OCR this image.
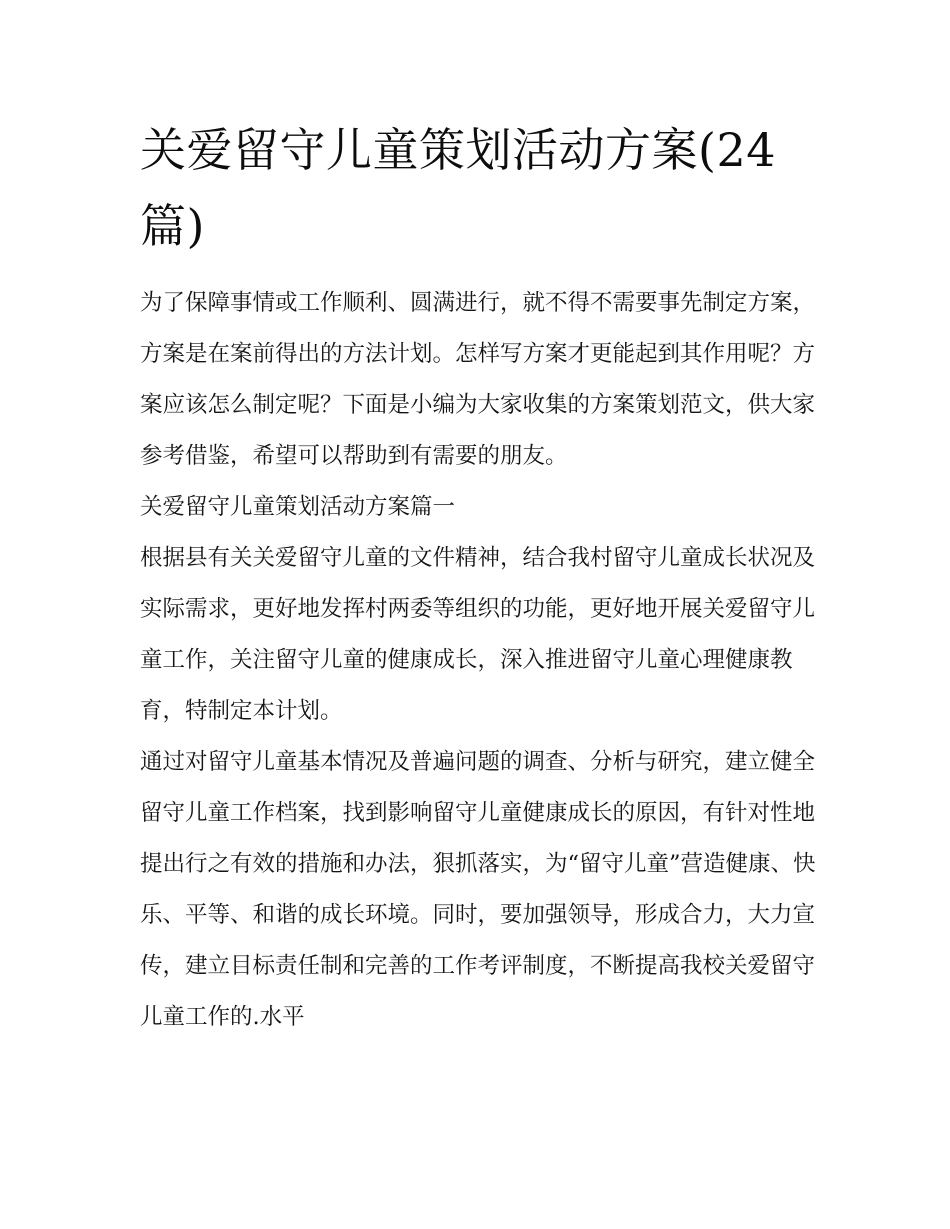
关爱留守儿童策划活动方案(24篇)

为了保障事情或工作顺利、圆满进行，就不得不需要事先制定方案，方案是在案前得出的方法计划。怎样写方案才更能起到其作用呢？方案应该怎么制定呢？下面是小编为大家收集的方案策划范文，供大家参考借鉴，希望可以帮助到有需要的朋友。

关爱留守儿童策划活动方案篇一

根据县有关关爱留守儿童的文件精神，结合我村留守儿童成长状况及实际需求，更好地发挥村两委等组织的功能，更好地开展关爱留守儿童工作，关注留守儿童的健康成长，深入推进留守儿童心理健康教育，特制定本计划。

通过对留守儿童基本情况及普遍问题的调查、分析与研究，建立健全留守儿童工作档案，找到影响留守儿童健康成长的原因，有针对性地提出行之有效的措施和办法，狠抓落实，为“留守儿童”营造健康、快乐、平等、和谐的成长环境。同时，要加强领导，形成合力，大力宣传，建立目标责任制和完善的工作考评制度，不断提高我校关爱留守儿童工作的.水平
